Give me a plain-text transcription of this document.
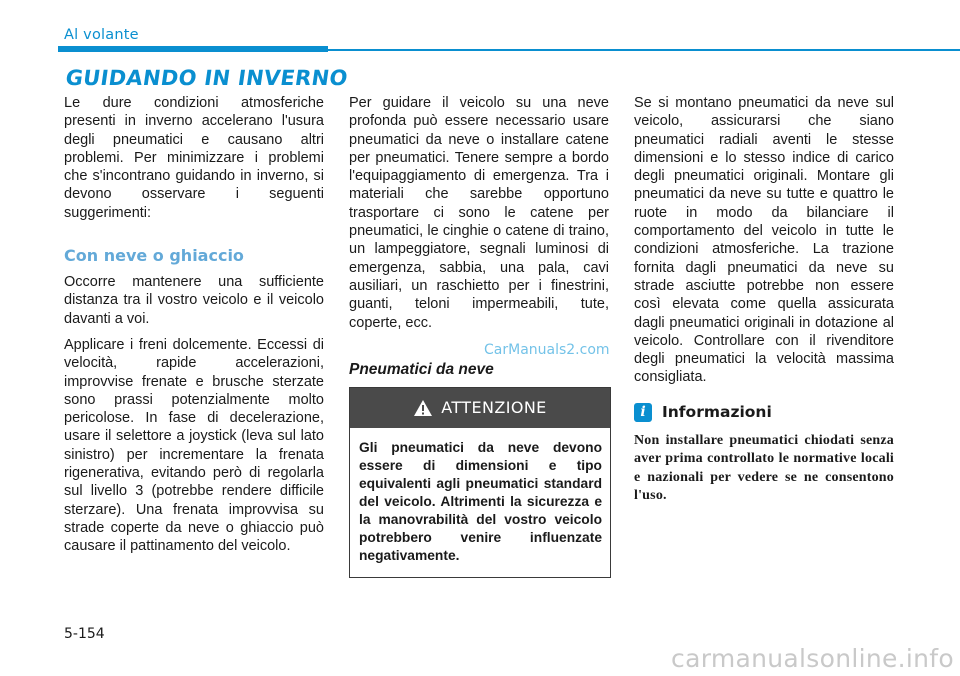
Al volante
GUIDANDO IN INVERNO

Le dure condizioni atmosferiche presenti in inverno accelerano l'usura degli pneumatici e causano altri problemi. Per minimizzare i problemi che s'incontrano guidando in inverno, si devono osservare i seguenti suggerimenti:

Con neve o ghiaccio

Occorre mantenere una sufficiente distanza tra il vostro veicolo e il veicolo davanti a voi.

Applicare i freni dolcemente. Eccessi di velocità, rapide accelerazioni, improvvise frenate e brusche sterzate sono prassi potenzialmente molto pericolose. In fase di decelerazione, usare il selettore a joystick (leva sul lato sinistro) per incrementare la frenata rigenerativa, evitando però di regolarla sul livello 3 (potrebbe rendere difficile sterzare). Una frenata improvvisa su strade coperte da neve o ghiaccio può causare il pattinamento del veicolo.

Per guidare il veicolo su una neve profonda può essere necessario usare pneumatici da neve o installare catene per pneumatici. Tenere sempre a bordo l'equipaggiamento di emergenza. Tra i materiali che sarebbe opportuno trasportare ci sono le catene per pneumatici, le cinghie o catene di traino, un lampeggiatore, segnali luminosi di emergenza, sabbia, una pala, cavi ausiliari, un raschietto per i finestrini, guanti, teloni impermeabili, tute, coperte, ecc.

Pneumatici da neve
ATTENZIONE
Gli pneumatici da neve devono essere di dimensioni e tipo equivalenti agli pneumatici standard del veicolo. Altrimenti la sicurezza e la manovrabilità del vostro veicolo potrebbero venire influenzate negativamente.

Se si montano pneumatici da neve sul veicolo, assicurarsi che siano pneumatici radiali aventi le stesse dimensioni e lo stesso indice di carico degli pneumatici originali. Montare gli pneumatici da neve su tutte e quattro le ruote in modo da bilanciare il comportamento del veicolo in tutte le condizioni atmosferiche. La trazione fornita dagli pneumatici da neve su strade asciutte potrebbe non essere così elevata come quella assicurata dagli pneumatici originali in dotazione al veicolo. Controllare con il rivenditore degli pneumatici la velocità massima consigliata.

i	Informazioni

Non installare pneumatici chiodati senza aver prima controllato le normative locali e nazionali per vedere se ne consentono l'uso.

CarManuals2.com
5-154
carmanualsonline.info
